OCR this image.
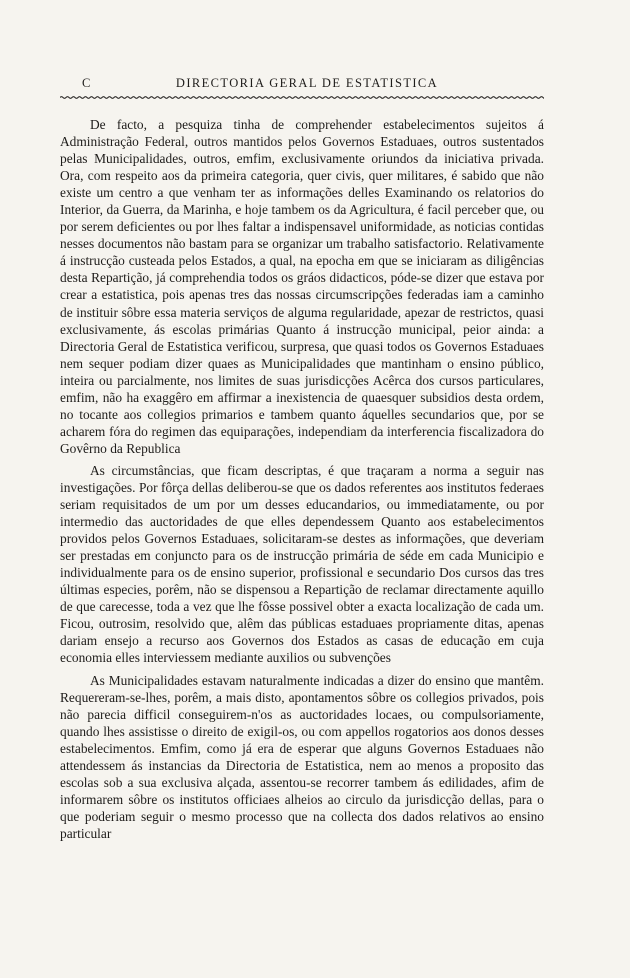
C	DIRECTORIA GERAL DE ESTATISTICA

De facto, a pesquiza tinha de comprehender estabelecimentos sujeitos á Administração Federal, outros mantidos pelos Governos Estaduaes, outros sustentados pelas Municipalidades, outros, emfim, exclusivamente oriundos da iniciativa privada. Ora, com respeito aos da primeira categoria, quer civis, quer militares, é sabido que não existe um centro a que venham ter as informações delles Examinando os relatorios do Interior, da Guerra, da Marinha, e hoje tambem os da Agricultura, é facil perceber que, ou por serem deficientes ou por lhes faltar a indispensavel uniformidade, as noticias contidas nesses documentos não bastam para se organizar um trabalho satisfactorio. Relativamente á instrucção custeada pelos Estados, a qual, na epocha em que se iniciaram as diligências desta Repartição, já comprehendia todos os gráos didacticos, póde-se dizer que estava por crear a estatistica, pois apenas tres das nossas circumscripções federadas iam a caminho de instituir sôbre essa materia serviços de alguma regularidade, apezar de restrictos, quasi exclusivamente, ás escolas primárias Quanto á instrucção municipal, peior ainda: a Directoria Geral de Estatistica verificou, surpresa, que quasi todos os Governos Estaduaes nem sequer podiam dizer quaes as Municipalidades que mantinham o ensino público, inteira ou parcialmente, nos limites de suas jurisdicções Acêrca dos cursos particulares, emfim, não ha exaggêro em affirmar a inexistencia de quaesquer subsidios desta ordem, no tocante aos collegios primarios e tambem quanto áquelles secundarios que, por se acharem fóra do regimen das equiparações, independiam da interferencia fiscalizadora do Govêrno da Republica

As circumstâncias, que ficam descriptas, é que traçaram a norma a seguir nas investigações. Por fôrça dellas deliberou-se que os dados referentes aos institutos federaes seriam requisitados de um por um desses educandarios, ou immediatamente, ou por intermedio das auctoridades de que elles dependessem Quanto aos estabelecimentos providos pelos Governos Estaduaes, solicitaram-se destes as informações, que deveriam ser prestadas em conjuncto para os de instrucção primária de séde em cada Municipio e individualmente para os de ensino superior, profissional e secundario Dos cursos das tres últimas especies, porêm, não se dispensou a Repartição de reclamar directamente aquillo de que carecesse, toda a vez que lhe fôsse possivel obter a exacta localização de cada um. Ficou, outrosim, resolvido que, alêm das públicas estaduaes propriamente ditas, apenas dariam ensejo a recurso aos Governos dos Estados as casas de educação em cuja economia elles interviessem mediante auxilios ou subvenções

As Municipalidades estavam naturalmente indicadas a dizer do ensino que mantêm. Requereram-se-lhes, porêm, a mais disto, apontamentos sôbre os collegios privados, pois não parecia difficil conseguirem-n'os as auctoridades locaes, ou compulsoriamente, quando lhes assistisse o direito de exigil-os, ou com appellos rogatorios aos donos desses estabelecimentos. Emfim, como já era de esperar que alguns Governos Estaduaes não attendessem ás instancias da Directoria de Estatistica, nem ao menos a proposito das escolas sob a sua exclusiva alçada, assentou-se recorrer tambem ás edilidades, afim de informarem sôbre os institutos officiaes alheios ao circulo da jurisdicção dellas, para o que poderiam seguir o mesmo processo que na collecta dos dados relativos ao ensino particular
